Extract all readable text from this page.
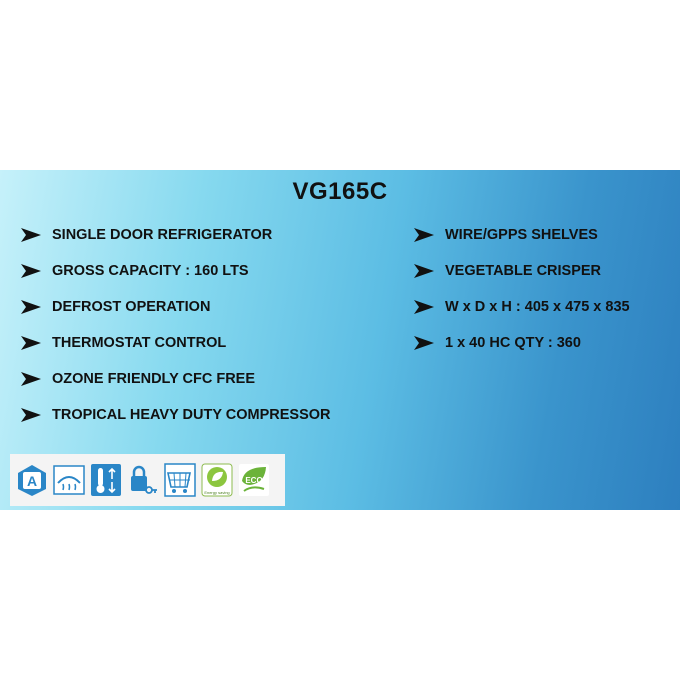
VG165C
SINGLE DOOR REFRIGERATOR
GROSS CAPACITY : 160 LTS
DEFROST OPERATION
THERMOSTAT CONTROL
OZONE FRIENDLY CFC FREE
TROPICAL HEAVY DUTY COMPRESSOR
WIRE/GPPS SHELVES
VEGETABLE CRISPER
W x D x H : 405 x 475 x 835
1 x 40 HC QTY : 360
A
Energy saving
ECO
